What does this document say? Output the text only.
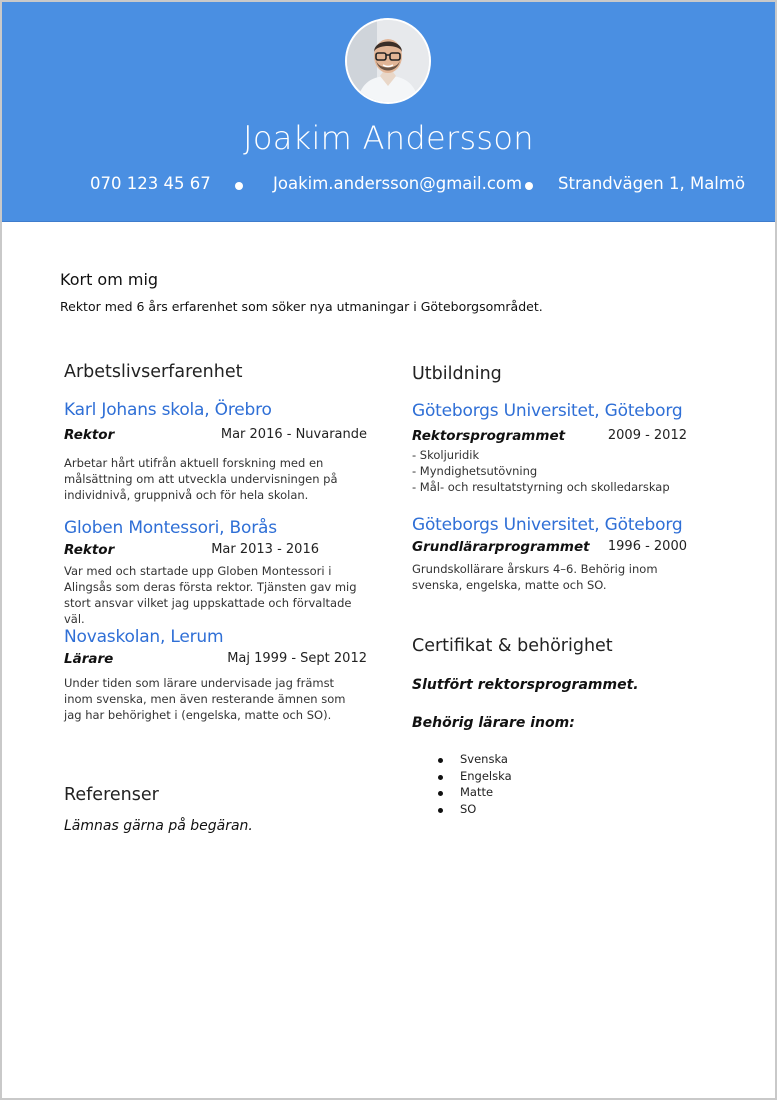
Joakim Andersson
070 123 45 67	Joakim.andersson@gmail.com Strandvägen 1, Malmö
Kort om mig
Rektor med 6 års erfarenhet som söker nya utmaningar i Göteborgsområdet.
Arbetslivserfarenhet
Karl Johans skola, Örebro
Rektor	Mar 2016 - Nuvarande
Arbetar hårt utifrån aktuell forskning med en målsättning om att utveckla undervisningen på individnivå, gruppnivå och för hela skolan.
Globen Montessori, Borås
Rektor	Mar 2013 - 2016
Var med och startade upp Globen Montessori i Alingsås som deras första rektor. Tjänsten gav mig stort ansvar vilket jag uppskattade och förvaltade väl.
Novaskolan, Lerum
Lärare	Maj 1999 - Sept 2012
Under tiden som lärare undervisade jag främst inom svenska, men även resterande ämnen som jag har behörighet i (engelska, matte och SO).
Referenser
Lämnas gärna på begäran.
Utbildning
Göteborgs Universitet, Göteborg
Rektorsprogrammet	2009 - 2012
- Skoljuridik
- Myndighetsutövning
- Mål- och resultatstyrning och skolledarskap
Göteborgs Universitet, Göteborg
Grundlärarprogrammet 1996 - 2000
Grundskollärare årskurs 4–6. Behörig inom svenska, engelska, matte och SO.
Certifikat & behörighet
Slutfört rektorsprogrammet.
Behörig lärare inom:
Svenska
Engelska
Matte
SO
